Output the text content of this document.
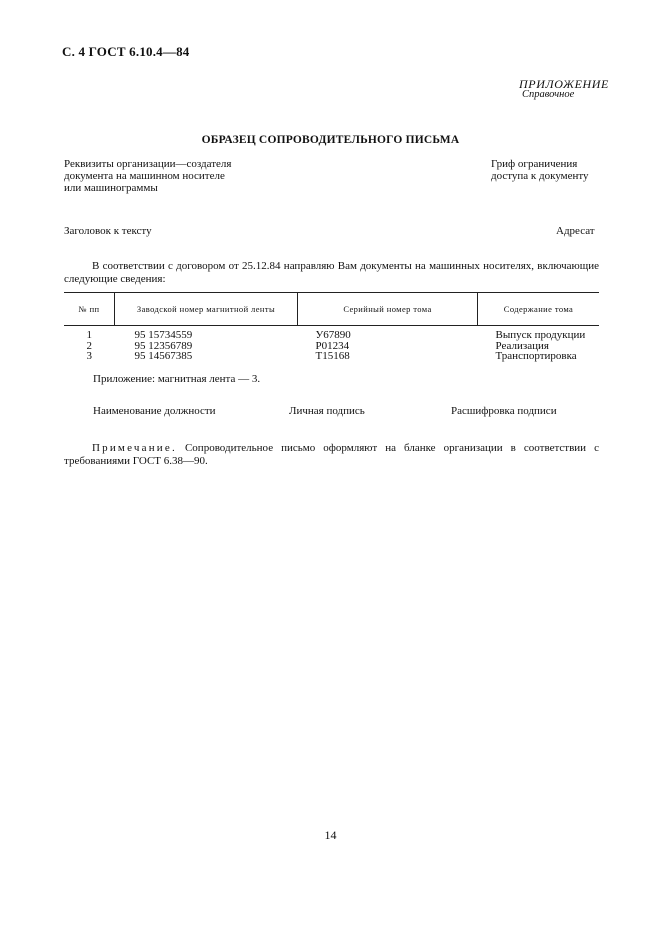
С. 4 ГОСТ 6.10.4—84
ПРИЛОЖЕНИЕ
Справочное
ОБРАЗЕЦ СОПРОВОДИТЕЛЬНОГО ПИСЬМА
Реквизиты организации—создателя
документа на машинном носителе
или машинограммы
Гриф ограничения
доступа к документу
Заголовок к тексту	Адресат
В соответствии с договором от 25.12.84 направляю Вам документы на машинных носителях, включающие следующие сведения:
№ пп	Заводской номер магнитной ленты	Серийный номер тома	Содержание тома
1	95 15734559	У67890	Выпуск продукции
2	95 12356789	Р01234	Реализация
3	95 14567385	Т15168	Транспортировка
Приложение: магнитная лента — 3.
Наименование должности	Личная подпись	Расшифровка подписи
Примечание. Сопроводительное письмо оформляют на бланке организации в соответствии с требованиями ГОСТ 6.38—90.
14
